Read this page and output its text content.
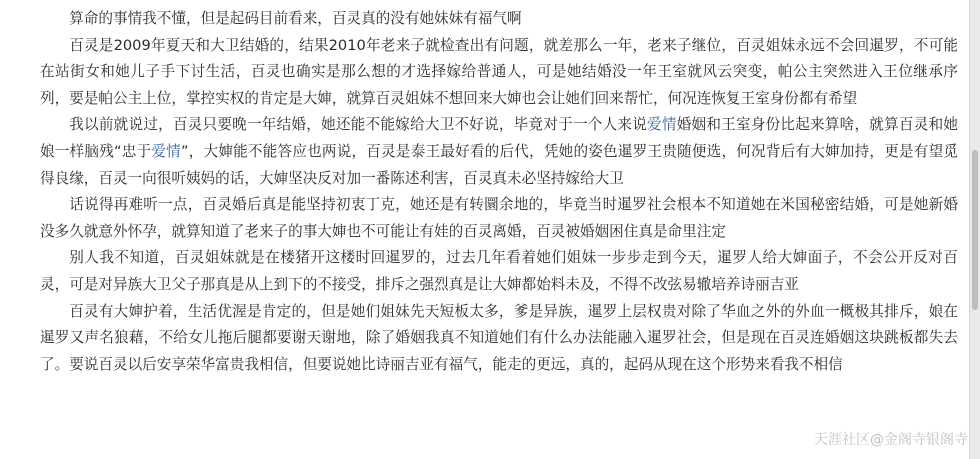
算命的事情我不懂，但是起码目前看来，百灵真的没有她妹妹有福气啊

百灵是2009年夏天和大卫结婚的，结果2010年老来子就检查出有问题，就差那么一年，老来子继位，百灵姐妹永远不会回暹罗，不可能在站街女和她儿子手下讨生活，百灵也确实是那么想的才选择嫁给普通人，可是她结婚没一年王室就风云突变，帕公主突然进入王位继承序列，要是帕公主上位，掌控实权的肯定是大婶，就算百灵姐妹不想回来大婶也会让她们回来帮忙，何况连恢复王室身份都有希望

我以前就说过，百灵只要晚一年结婚，她还能不能嫁给大卫不好说，毕竟对于一个人来说爱情婚姻和王室身份比起来算啥，就算百灵和她娘一样脑残“忠于爱情”，大婶能不能答应也两说，百灵是泰王最好看的后代，凭她的姿色暹罗王贵随便选，何况背后有大婶加持，更是有望觅得良缘，百灵一向很听姨妈的话，大婶坚决反对加一番陈述利害，百灵真未必坚持嫁给大卫

话说得再难听一点，百灵婚后真是能坚持初衷丁克，她还是有转圜余地的，毕竟当时暹罗社会根本不知道她在米国秘密结婚，可是她新婚没多久就意外怀孕，就算知道了老来子的事大婶也不可能让有娃的百灵离婚，百灵被婚姻困住真是命里注定

别人我不知道，百灵姐妹就是在楼猪开这楼时回暹罗的，过去几年看着她们姐妹一步步走到今天，暹罗人给大婶面子，不会公开反对百灵，可是对异族大卫父子那真是从上到下的不接受，排斥之强烈真是让大婶都始料未及，不得不改弦易辙培养诗丽吉亚

百灵有大婶护着，生活优渥是肯定的，但是她们姐妹先天短板太多，爹是异族，暹罗上层权贵对除了华血之外的外血一概极其排斥，娘在暹罗又声名狼藉，不给女儿拖后腿都要谢天谢地，除了婚姻我真不知道她们有什么办法能融入暹罗社会，但是现在百灵连婚姻这块跳板都失去了。要说百灵以后安享荣华富贵我相信，但要说她比诗丽吉亚有福气，能走的更远，真的，起码从现在这个形势来看我不相信

天涯社区@金阁寺银阁寺
